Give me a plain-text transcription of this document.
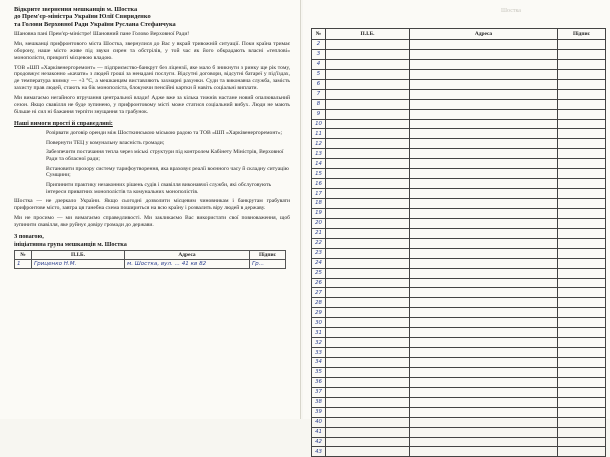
Відкрите звернення мешканців м. Шостка
до Прем'єр-міністра України Юлії Свириденко
та Голови Верховної Ради України Руслана Стефанчука

Шановна пані Прем'єр-міністре! Шановний пане Голово Верховної Ради!

Ми, мешканці прифронтового міста Шостка, звернулися до Вас у вкрай тривожній ситуації. Поки країна тримає оборону, наше місто живе під звуки сирен та обстрілів, у той час як його обкрадають власні «теплові» монополісти, прикриті місцевою владою.

ТОВ «ШП «Харківенергоремонт» — підприємство-банкрут без ліцензії, яке мало б зникнути з ринку ще рік тому, продовжує незаконно «качати» з людей гроші за ненадані послуги. Відсутні договори, відсутні батареї у під'їздах, де температура взимку — +3 °С, а мешканцям виставляють захмарні рахунки. Суди та виконавча служба, замість захисту прав людей, стають на бік монополіста, блокуючи пенсійні картки й навіть соціальні виплати.

Ми вимагаємо негайного втручання центральної влади! Адже вже за кілька тижнів настане новий опалювальний сезон. Якщо свавілля не буде зупинено, у прифронтовому місті може статися соціальний вибух. Люди не мають більше ні сил ні бажання терпіти знущання та грабунок.

Наші вимоги прості й справедливі:
Розірвати договір оренди між Шосткинською міською радою та ТОВ «ШП «Харківенергоремонт»;
Повернути ТЕЦ у комунальну власність громади;
Забезпечити постачання тепла через міські структури під контролем Кабінету Міністрів, Верховної Ради та обласної ради;
Встановити прозору систему тарифоутворення, яка враховує реалії воєнного часу й складну ситуацію Сумщини;
Припинити практику незаконних рішень судів і свавілля виконавчої служби, які обслуговують інтереси приватних монополістів та комунальних монополістів.

Шостка — не дзеркало України. Якщо сьогодні дозволити місцевим чиновникам і банкрутам грабувати прифронтове місто, завтра ця ганебна схема пошириться на всю країну і розвалить віру людей в державу.

Ми не просимо — ми вимагаємо справедливості. Ми закликаємо Вас використати свої повноваження, щоб зупинити свавілля, яке руйнує довіру громади до держави.

З повагою,
ініціативна група мешканців м. Шостка
№	П.І.Б.	Адреса	Підпис
1	Гриценко Н.М.	м. Шостка, вул. ... 41 кв 82	Гр...
Шостка
№	П.І.Б.	Адреса	Підпис
2			
3			
4			
5			
6			
7			
8			
9			
10			
11			
12			
13			
14			
15			
16			
17			
18			
19			
20			
21			
22			
23			
24			
25			
26			
27			
28			
29			
30			
31			
32			
33			
34			
35			
36			
37			
38			
39			
40			
41			
42			
43			
